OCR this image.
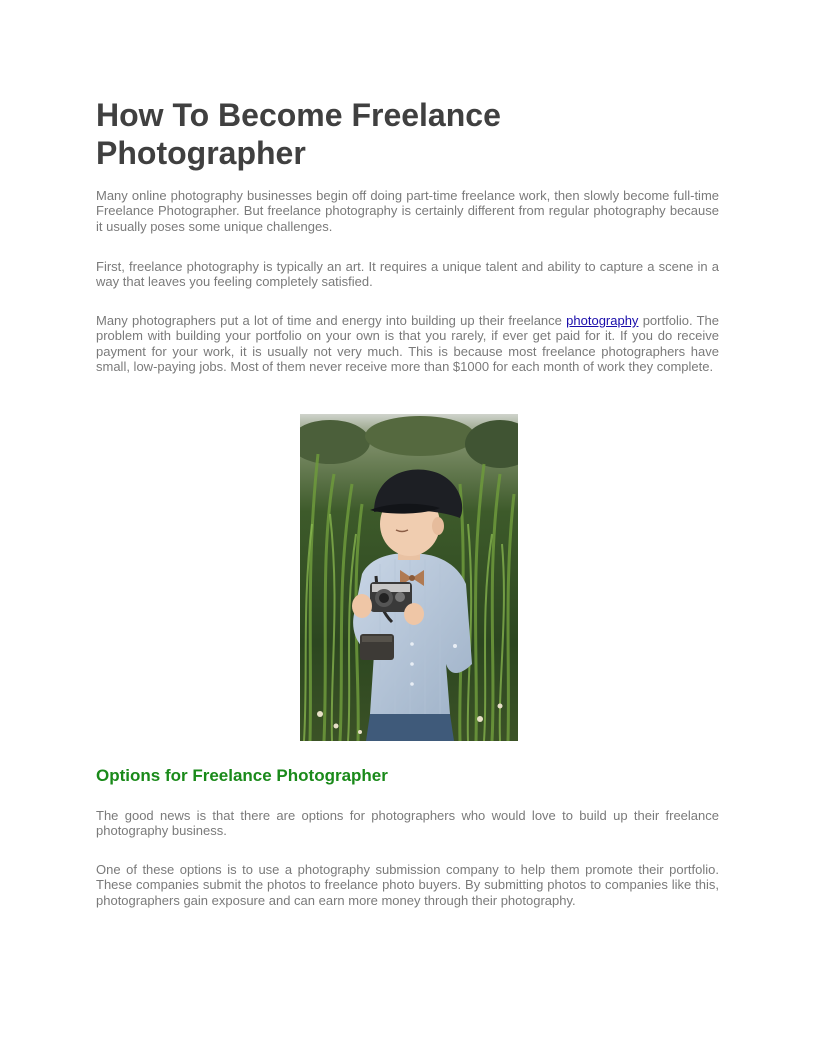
How To Become Freelance Photographer

Many online photography businesses begin off doing part-time freelance work, then slowly become full-time Freelance Photographer. But freelance photography is certainly different from regular photography because it usually poses some unique challenges.

First, freelance photography is typically an art. It requires a unique talent and ability to capture a scene in a way that leaves you feeling completely satisfied.

Many photographers put a lot of time and energy into building up their freelance photography portfolio. The problem with building your portfolio on your own is that you rarely, if ever get paid for it. If you do receive payment for your work, it is usually not very much. This is because most freelance photographers have small, low-paying jobs. Most of them never receive more than $1000 for each month of work they complete.

Options for Freelance Photographer

The good news is that there are options for photographers who would love to build up their freelance photography business.

One of these options is to use a photography submission company to help them promote their portfolio. These companies submit the photos to freelance photo buyers. By submitting photos to companies like this, photographers gain exposure and can earn more money through their photography.
